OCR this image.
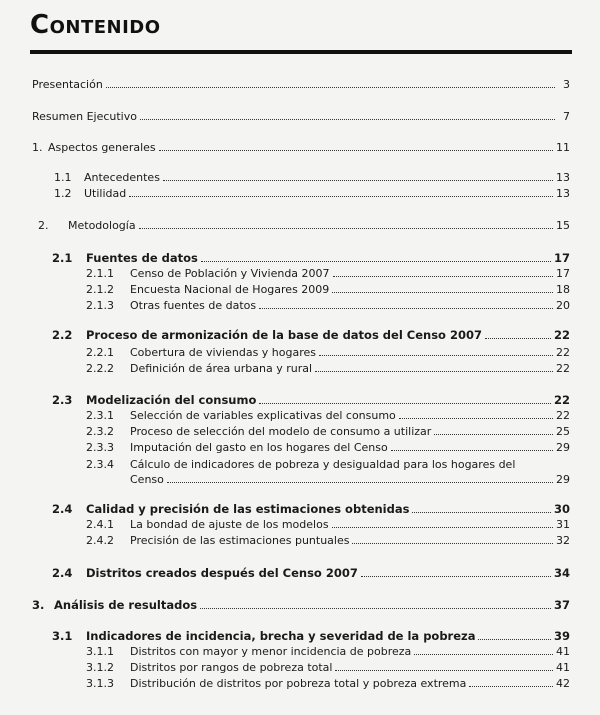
Contenido
Presentación	3
Resumen Ejecutivo	7
1. Aspectos generales	11
1.1	Antecedentes	13
1.2	Utilidad	13
2.	Metodología	15
2.1	Fuentes de datos	17
2.1.1	Censo de Población y Vivienda 2007	17
2.1.2	Encuesta Nacional de Hogares 2009	18
2.1.3	Otras fuentes de datos	20
2.2	Proceso de armonización de la base de datos del Censo 2007	22
2.2.1	Cobertura de viviendas y hogares	22
2.2.2	Definición de área urbana y rural	22
2.3	Modelización del consumo	22
2.3.1	Selección de variables explicativas del consumo	22
2.3.2	Proceso de selección del modelo de consumo a utilizar	25
2.3.3	Imputación del gasto en los hogares del Censo	29
2.3.4 Cálculo de indicadores de pobreza y desigualdad para los hogares del
Censo	29
2.4	Calidad y precisión de las estimaciones obtenidas	30
2.4.1	La bondad de ajuste de los modelos	31
2.4.2	Precisión de las estimaciones puntuales	32
2.4	Distritos creados después del Censo 2007	34
3. Análisis de resultados	37
3.1	Indicadores de incidencia, brecha y severidad de la pobreza	39
3.1.1	Distritos con mayor y menor incidencia de pobreza	41
3.1.2	Distritos por rangos de pobreza total	41
3.1.3	Distribución de distritos por pobreza total y pobreza extrema	42
